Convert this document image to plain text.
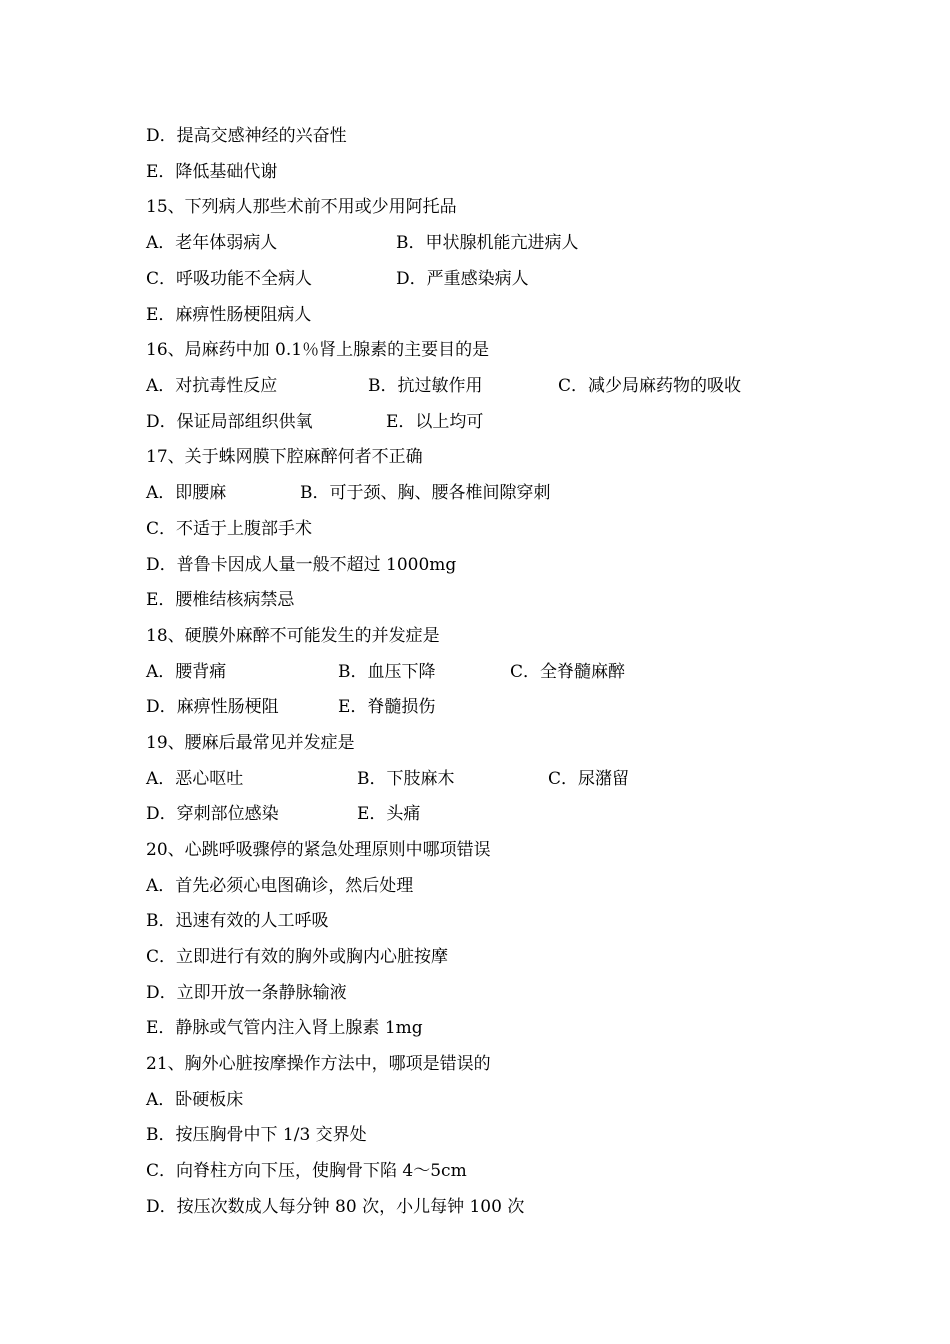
D．提高交感神经的兴奋性
E．降低基础代谢
15、下列病人那些术前不用或少用阿托品
A．老年体弱病人	B．甲状腺机能亢进病人
C．呼吸功能不全病人	D．严重感染病人
E．麻痹性肠梗阻病人
16、局麻药中加 0.1％肾上腺素的主要目的是
A．对抗毒性反应	B．抗过敏作用	C．减少局麻药物的吸收
D．保证局部组织供氧	E．以上均可
17、关于蛛网膜下腔麻醉何者不正确
A．即腰麻	B．可于颈、胸、腰各椎间隙穿刺
C．不适于上腹部手术
D．普鲁卡因成人量一般不超过 1000mg
E．腰椎结核病禁忌
18、硬膜外麻醉不可能发生的并发症是
A．腰背痛	B．血压下降	C．全脊髓麻醉
D．麻痹性肠梗阻	E．脊髓损伤
19、腰麻后最常见并发症是
A．恶心呕吐	B．下肢麻木	C．尿潴留
D．穿刺部位感染	E．头痛
20、心跳呼吸骤停的紧急处理原则中哪项错误
A．首先必须心电图确诊，然后处理
B．迅速有效的人工呼吸
C．立即进行有效的胸外或胸内心脏按摩
D．立即开放一条静脉输液
E．静脉或气管内注入肾上腺素 1mg
21、胸外心脏按摩操作方法中，哪项是错误的
A．卧硬板床
B．按压胸骨中下 1/3 交界处
C．向脊柱方向下压，使胸骨下陷 4～5cm
D．按压次数成人每分钟 80 次，小儿每钟 100 次
